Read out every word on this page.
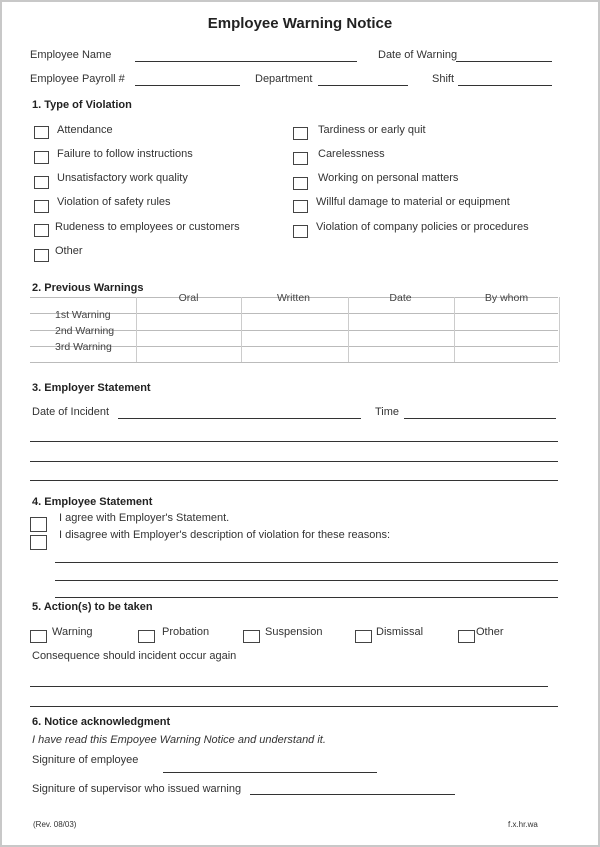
Employee Warning Notice
Employee Name	Date of Warning
Employee Payroll #	Department	Shift
1. Type of Violation
Attendance
Failure to follow instructions
Unsatisfactory work quality
Violation of safety rules
Rudeness to employees or customers
Other
Tardiness or early quit
Carelessness
Working on personal matters
Willful damage to material or equipment
Violation of company policies or procedures
2. Previous Warnings
Oral	Written	Date	By whom
1st Warning
2nd Warning
3rd Warning
3. Employer Statement
Date of Incident	Time
4. Employee Statement
I agree with Employer's Statement.
I disagree with Employer's description of violation for these reasons:
5. Action(s) to be taken
Warning	Probation	Suspension	Dismissal	Other
Consequence should incident occur again
6. Notice acknowledgment
I have read this Empoyee Warning Notice and understand it.
Signiture of employee
Signiture of supervisor who issued warning
(Rev. 08/03)	f.x.hr.wa
